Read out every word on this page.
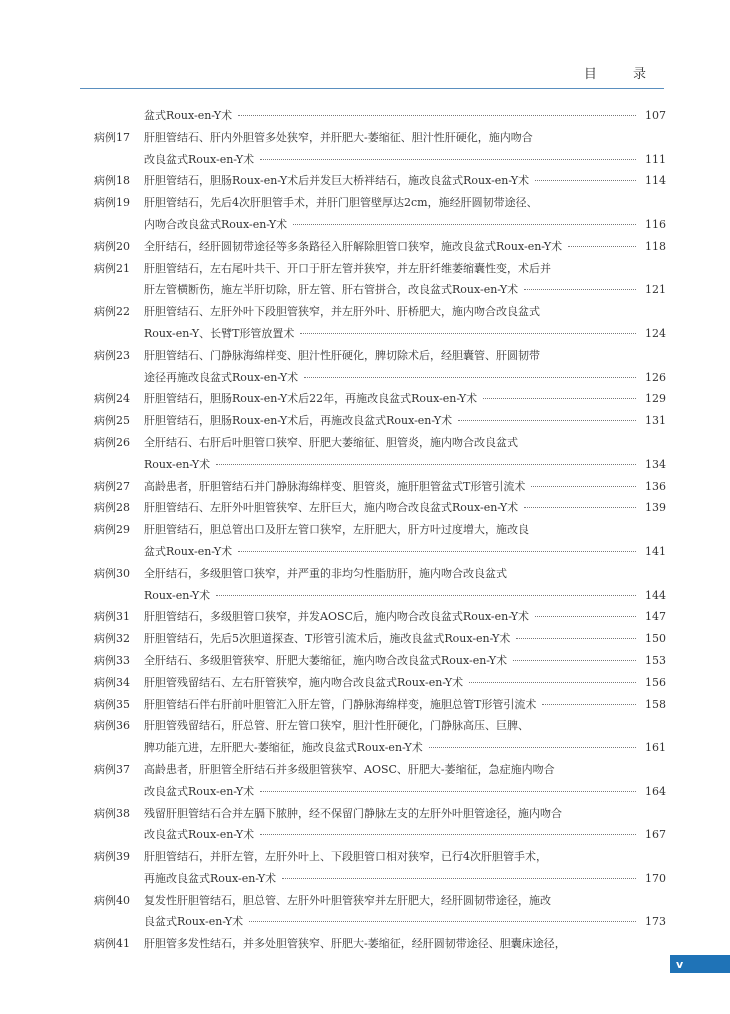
目 录
盆式Roux-en-Y术	107
病例17	肝胆管结石、肝内外胆管多处狭窄，并肝肥大-萎缩征、胆汁性肝硬化，施内吻合
改良盆式Roux-en-Y术	111
病例18	肝胆管结石，胆肠Roux-en-Y术后并发巨大桥袢结石，施改良盆式Roux-en-Y术	114
病例19	肝胆管结石，先后4次肝胆管手术，并肝门胆管壁厚达2cm，施经肝圆韧带途径、
内吻合改良盆式Roux-en-Y术	116
病例20	全肝结石，经肝圆韧带途径等多条路径入肝解除胆管口狭窄，施改良盆式Roux-en-Y术	118
病例21	肝胆管结石，左右尾叶共干、开口于肝左管并狭窄，并左肝纤维萎缩囊性变，术后并
肝左管横断伤，施左半肝切除，肝左管、肝右管拼合，改良盆式Roux-en-Y术	121
病例22	肝胆管结石、左肝外叶下段胆管狭窄，并左肝外叶、肝桥肥大，施内吻合改良盆式
Roux-en-Y、长臂T形管放置术	124
病例23	肝胆管结石、门静脉海绵样变、胆汁性肝硬化，脾切除术后，经胆囊管、肝圆韧带
途径再施改良盆式Roux-en-Y术	126
病例24	肝胆管结石，胆肠Roux-en-Y术后22年，再施改良盆式Roux-en-Y术	129
病例25	肝胆管结石，胆肠Roux-en-Y术后，再施改良盆式Roux-en-Y术	131
病例26	全肝结石、右肝后叶胆管口狭窄、肝肥大萎缩征、胆管炎，施内吻合改良盆式
Roux-en-Y术	134
病例27	高龄患者，肝胆管结石并门静脉海绵样变、胆管炎，施肝胆管盆式T形管引流术	136
病例28	肝胆管结石、左肝外叶胆管狭窄、左肝巨大，施内吻合改良盆式Roux-en-Y术	139
病例29	肝胆管结石，胆总管出口及肝左管口狭窄，左肝肥大，肝方叶过度增大，施改良
盆式Roux-en-Y术	141
病例30	全肝结石，多级胆管口狭窄，并严重的非均匀性脂肪肝，施内吻合改良盆式
Roux-en-Y术	144
病例31	肝胆管结石，多级胆管口狭窄，并发AOSC后，施内吻合改良盆式Roux-en-Y术	147
病例32	肝胆管结石，先后5次胆道探查、T形管引流术后，施改良盆式Roux-en-Y术	150
病例33	全肝结石、多级胆管狭窄、肝肥大萎缩征，施内吻合改良盆式Roux-en-Y术	153
病例34	肝胆管残留结石、左右肝管狭窄，施内吻合改良盆式Roux-en-Y术	156
病例35	肝胆管结石伴右肝前叶胆管汇入肝左管，门静脉海绵样变，施胆总管T形管引流术	158
病例36	肝胆管残留结石，肝总管、肝左管口狭窄，胆汁性肝硬化，门静脉高压、巨脾、
脾功能亢进，左肝肥大-萎缩征，施改良盆式Roux-en-Y术	161
病例37	高龄患者，肝胆管全肝结石并多级胆管狭窄、AOSC、肝肥大-萎缩征，急症施内吻合
改良盆式Roux-en-Y术	164
病例38	残留肝胆管结石合并左膈下脓肿，经不保留门静脉左支的左肝外叶胆管途径，施内吻合
改良盆式Roux-en-Y术	167
病例39	肝胆管结石，并肝左管，左肝外叶上、下段胆管口相对狭窄，已行4次肝胆管手术，
再施改良盆式Roux-en-Y术	170
病例40	复发性肝胆管结石，胆总管、左肝外叶胆管狭窄并左肝肥大，经肝圆韧带途径，施改
良盆式Roux-en-Y术	173
病例41	肝胆管多发性结石，并多处胆管狭窄、肝肥大-萎缩征，经肝圆韧带途径、胆囊床途径，
v
